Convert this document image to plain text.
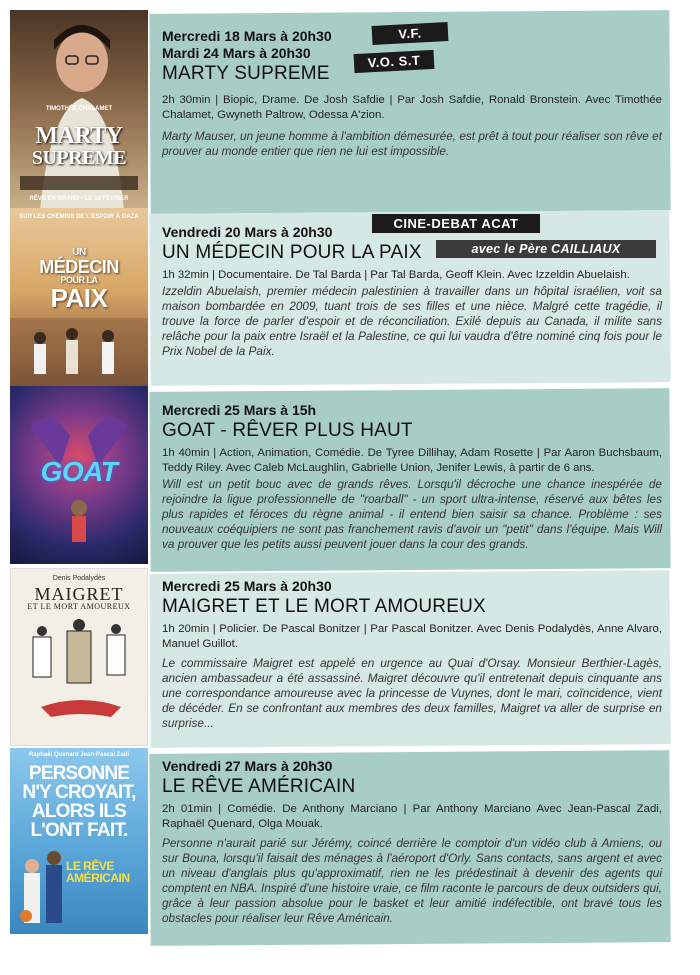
TIMOTHÉE CHALAMET
MARTY
SUPREME
RÊVE EN GRAND - LE 18 FÉVRIER
Mercredi 18 Mars à 20h30
Mardi 24 Mars à 20h30
MARTY SUPREME
2h 30min | Biopic, Drame. De Josh Safdie | Par Josh Safdie, Ronald Bronstein. Avec Timothée Chalamet, Gwyneth Paltrow, Odessa A'zion.
Marty Mauser, un jeune homme à l'ambition démesurée, est prêt à tout pour réaliser son rêve et prouver au monde entier que rien ne lui est impossible.
V.F.
V.O. S.T
SUR LES CHEMINS DE L'ESPOIR À GAZA
UN
MÉDECIN
POUR LA
PAIX
Vendredi 20 Mars à 20h30
UN MÉDECIN POUR LA PAIX
1h 32min | Documentaire. De Tal Barda | Par Tal Barda, Geoff Klein. Avec Izzeldin Abuelaish.
Izzeldin Abuelaish, premier médecin palestinien à travailler dans un hôpital israélien, voit sa maison bombardée en 2009, tuant trois de ses filles et une nièce. Malgré cette tragédie, il trouve la force de parler d'espoir et de réconciliation. Exilé depuis au Canada, il milite sans relâche pour la paix entre Israël et la Palestine, ce qui lui vaudra d'être nominé cinq fois pour le Prix Nobel de la Paix.
CINE-DEBAT ACAT
avec le Père CAILLIAUX
GOAT
Mercredi 25 Mars à 15h
GOAT - RÊVER PLUS HAUT
1h 40min | Action, Animation, Comédie. De Tyree Dillihay, Adam Rosette | Par Aaron Buchsbaum, Teddy Riley. Avec Caleb McLaughlin, Gabrielle Union, Jenifer Lewis, à partir de 6 ans.
Will est un petit bouc avec de grands rêves. Lorsqu'il décroche une chance inespérée de rejoindre la ligue professionnelle de "roarball" - un sport ultra-intense, réservé aux bêtes les plus rapides et féroces du règne animal - il entend bien saisir sa chance. Problème : ses nouveaux coéquipiers ne sont pas franchement ravis d'avoir un "petit" dans l'équipe. Mais Will va prouver que les petits aussi peuvent jouer dans la cour des grands.
Denis Podalydès
MAIGRET
ET LE MORT AMOUREUX
Mercredi 25 Mars à 20h30
MAIGRET ET LE MORT AMOUREUX
1h 20min | Policier. De Pascal Bonitzer | Par Pascal Bonitzer. Avec Denis Podalydès, Anne Alvaro, Manuel Guillot.
Le commissaire Maigret est appelé en urgence au Quai d'Orsay. Monsieur Berthier-Lagès, ancien ambassadeur a été assassiné. Maigret découvre qu'il entretenait depuis cinquante ans une correspondance amoureuse avec la princesse de Vuynes, dont le mari, coïncidence, vient de décéder. En se confrontant aux membres des deux familles, Maigret va aller de surprise en surprise...
Raphaël Quenard Jean-Pascal Zadi
PERSONNE
N'Y CROYAIT,
ALORS ILS
L'ONT FAIT.
LE RÊVE
AMÉRICAIN
Vendredi 27 Mars à 20h30
LE RÊVE AMÉRICAIN
2h 01min | Comédie. De Anthony Marciano | Par Anthony Marciano Avec Jean-Pascal Zadi, Raphaël Quenard, Olga Mouak.
Personne n'aurait parié sur Jérémy, coincé derrière le comptoir d'un vidéo club à Amiens, ou sur Bouna, lorsqu'il faisait des ménages à l'aéroport d'Orly. Sans contacts, sans argent et avec un niveau d'anglais plus qu'approximatif, rien ne les prédestinait à devenir des agents qui comptent en NBA. Inspiré d'une histoire vraie, ce film raconte le parcours de deux outsiders qui, grâce à leur passion absolue pour le basket et leur amitié indéfectible, ont bravé tous les obstacles pour réaliser leur Rêve Américain.
